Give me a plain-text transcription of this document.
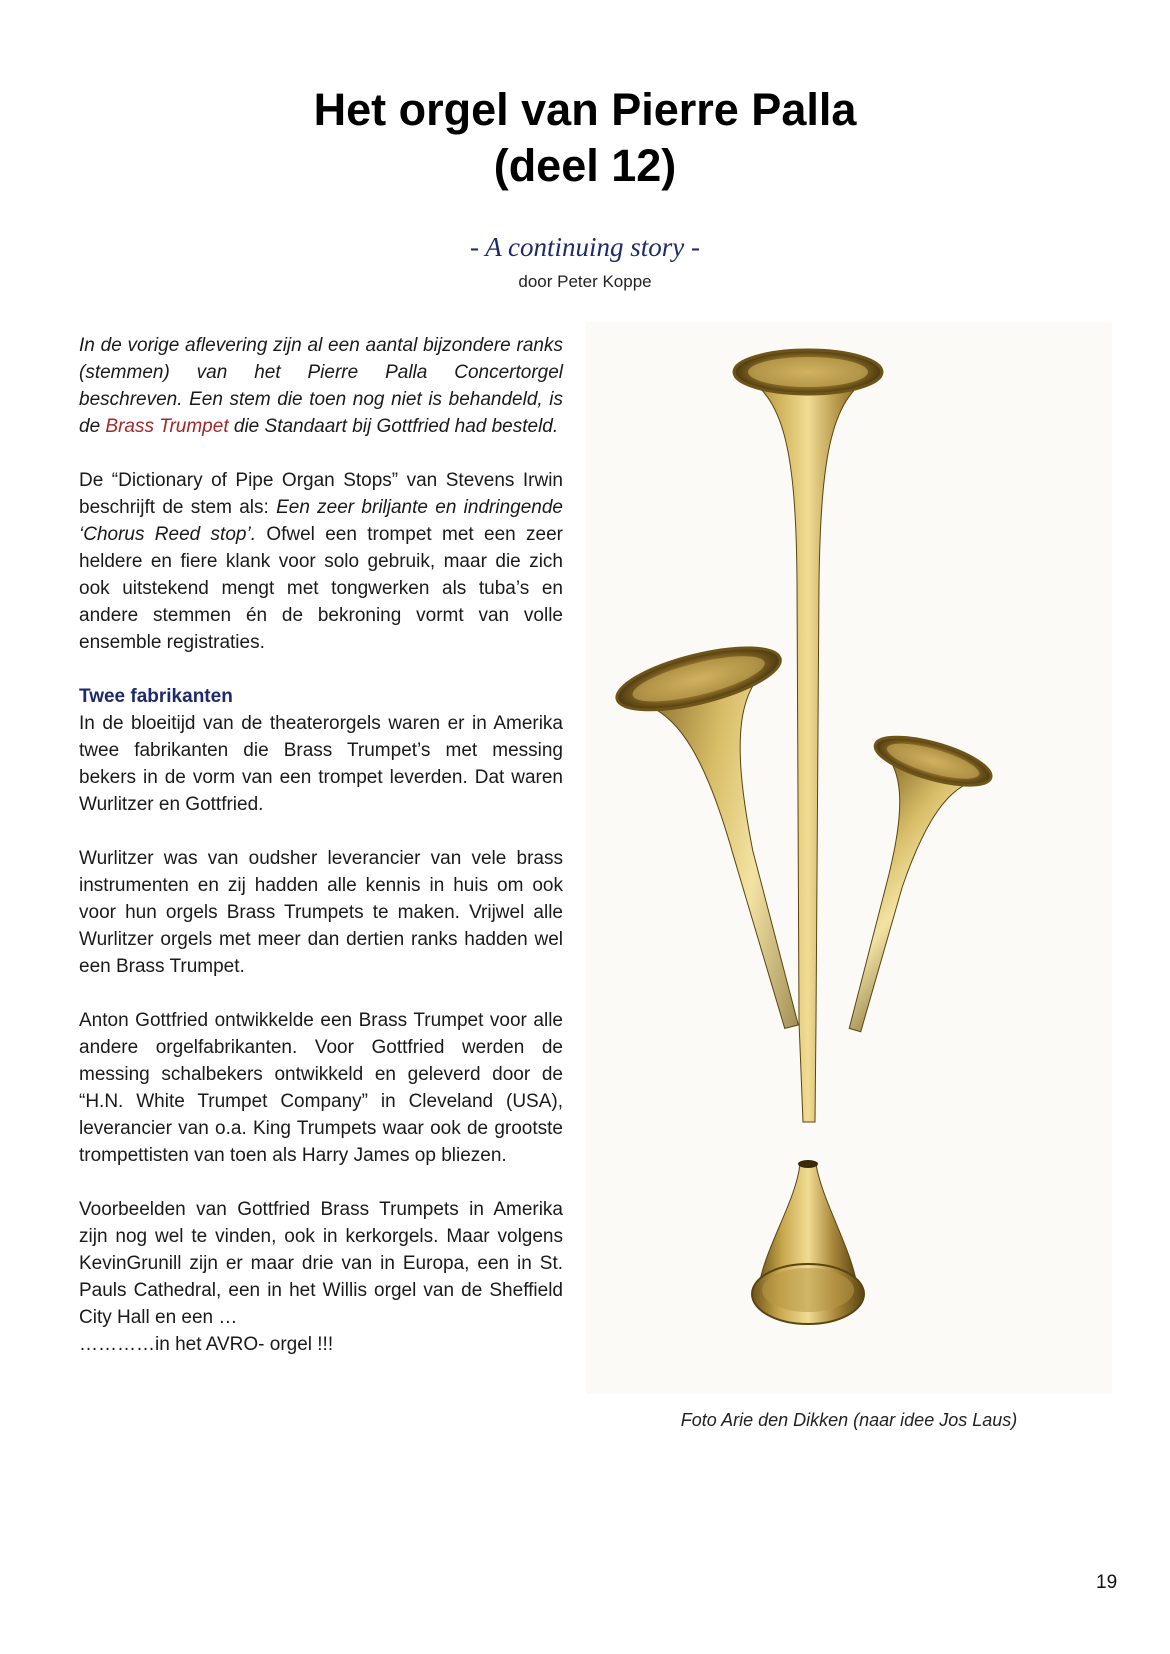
Het orgel van Pierre Palla
(deel 12)
- A continuing story -
door Peter Koppe

In de vorige aflevering zijn al een aantal bijzondere ranks (stemmen) van het Pierre Palla Concertorgel beschreven. Een stem die toen nog niet is behandeld, is de Brass Trumpet die Standaart bij Gottfried had besteld.

De “Dictionary of Pipe Organ Stops” van Stevens Irwin beschrijft de stem als: Een zeer briljante en indringende ‘Chorus Reed stop’. Ofwel een trompet met een zeer heldere en fiere klank voor solo gebruik, maar die zich ook uitstekend mengt met tongwerken als tuba’s en andere stemmen én de bekroning vormt van volle ensemble registraties.

Twee fabrikanten

In de bloeitijd van de theaterorgels waren er in Amerika twee fabrikanten die Brass Trumpet’s met messing bekers in de vorm van een trompet leverden. Dat waren Wurlitzer en Gottfried.

Wurlitzer was van oudsher leverancier van vele brass instrumenten en zij hadden alle kennis in huis om ook voor hun orgels Brass Trumpets te maken. Vrijwel alle Wurlitzer orgels met meer dan dertien ranks hadden wel een Brass Trumpet.

Anton Gottfried ontwikkelde een Brass Trumpet voor alle andere orgelfabrikanten. Voor Gottfried werden de messing schalbekers ontwikkeld en geleverd door de “H.N. White Trumpet Company” in Cleveland (USA), leverancier van o.a. King Trumpets waar ook de grootste trompettisten van toen als Harry James op bliezen.

Voorbeelden van Gottfried Brass Trumpets in Amerika zijn nog wel te vinden, ook in kerkorgels. Maar volgens KevinGrunill zijn er maar drie van in Europa, een in St. Pauls Cathedral, een in het Willis orgel van de Sheffield City Hall en een …
…………in het AVRO- orgel !!!

Foto Arie den Dikken (naar idee Jos Laus)
19
